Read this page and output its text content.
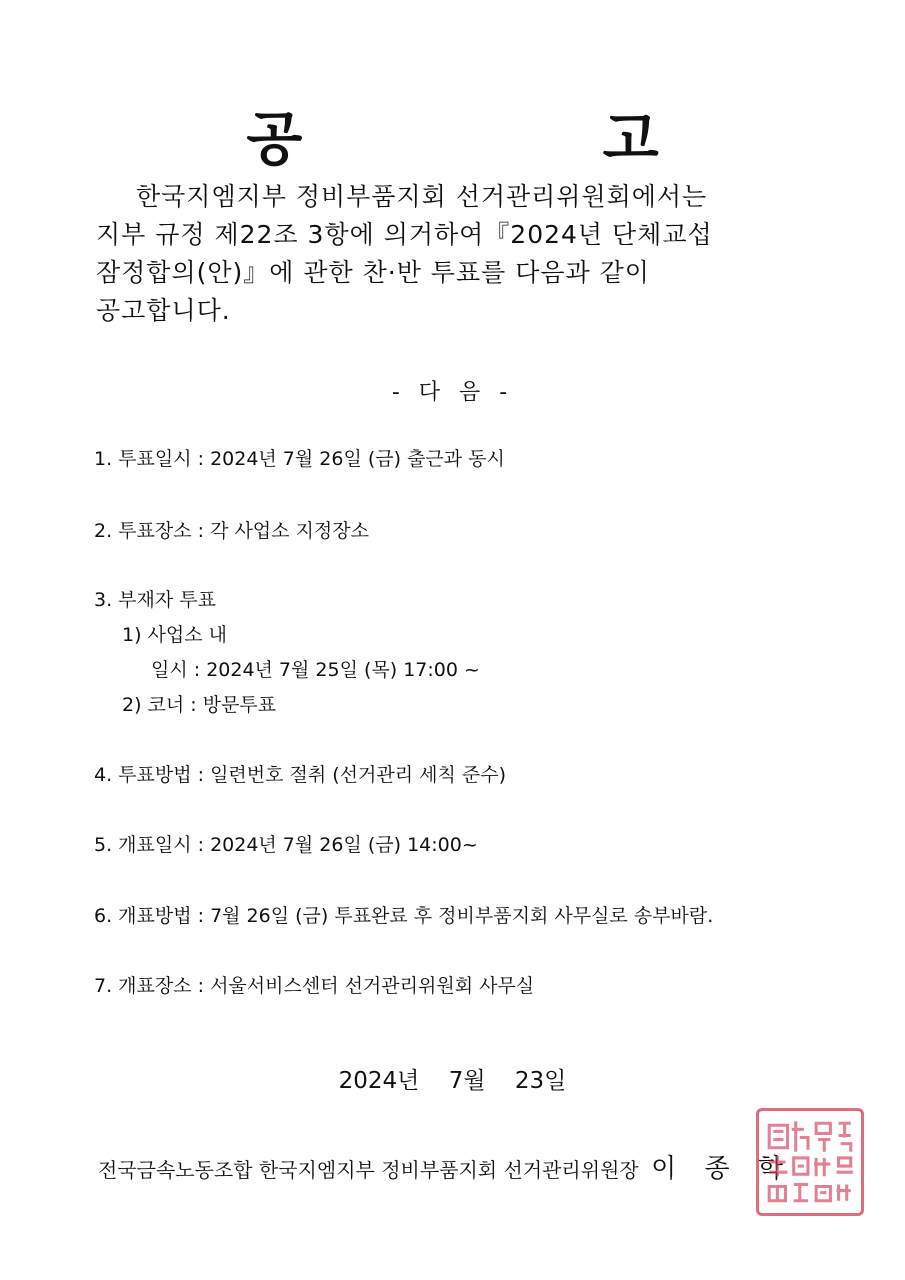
공 고
한국지엠지부 정비부품지회 선거관리위원회에서는
지부 규정 제22조 3항에 의거하여『2024년 단체교섭
잠정합의(안)』에 관한 찬·반 투표를 다음과 같이
공고합니다.
- 다 음 -
1. 투표일시 : 2024년 7월 26일 (금) 출근과 동시
2. 투표장소 : 각 사업소 지정장소
3. 부재자 투표
1) 사업소 내
일시 : 2024년 7월 25일 (목) 17:00 ~
2) 코너 : 방문투표
4. 투표방법 : 일련번호 절취 (선거관리 세칙 준수)
5. 개표일시 : 2024년 7월 26일 (금) 14:00~
6. 개표방법 : 7월 26일 (금) 투표완료 후 정비부품지회 사무실로 송부바람.
7. 개표장소 : 서울서비스센터 선거관리위원회 사무실
2024년 7월 23일
전국금속노동조합 한국지엠지부 정비부품지회 선거관리위원장 이 종 학
